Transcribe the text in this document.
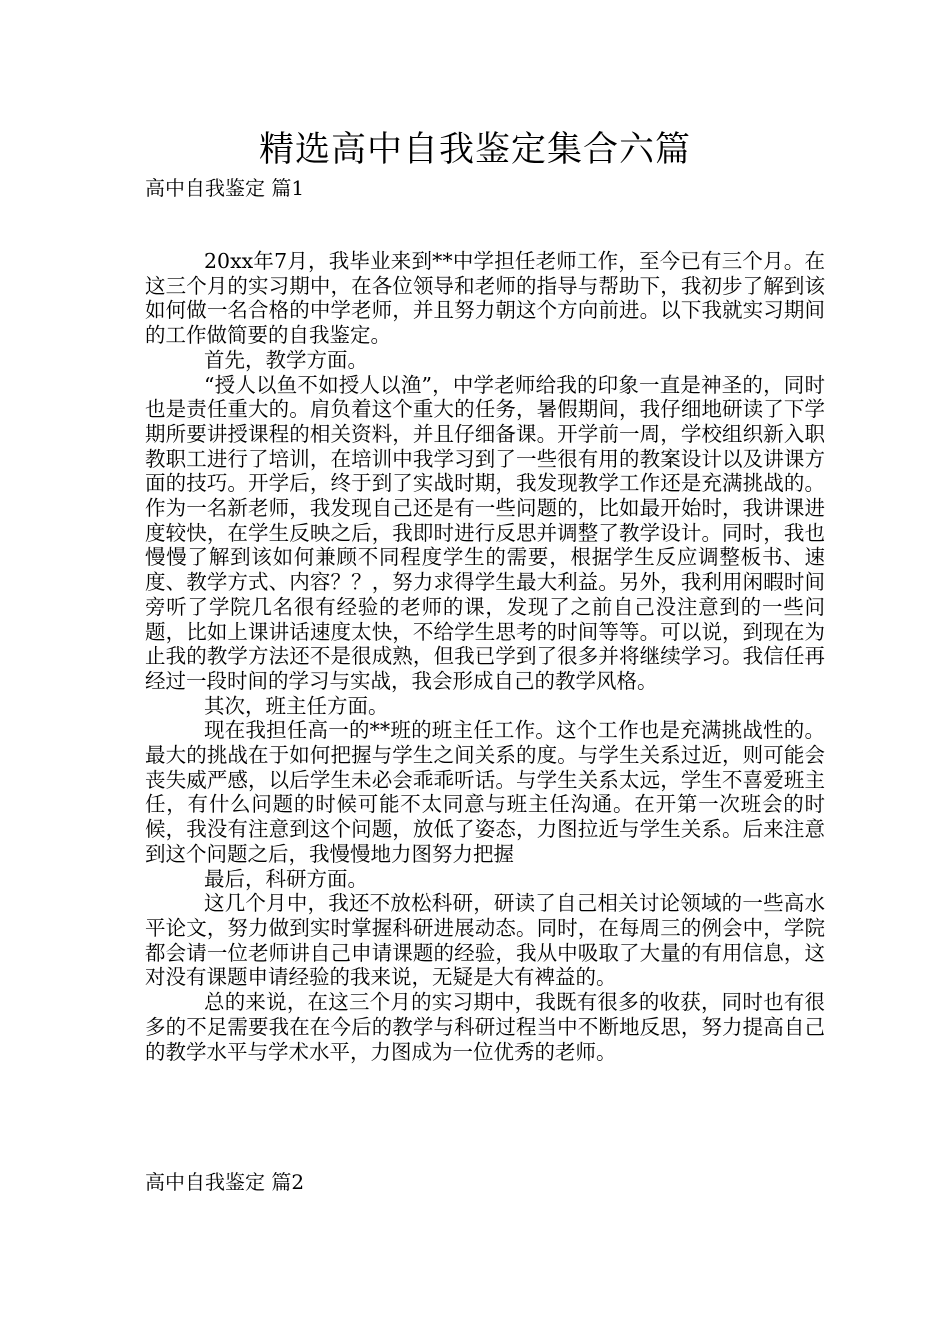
精选高中自我鉴定集合六篇
高中自我鉴定 篇1

20xx年7月，我毕业来到**中学担任老师工作，至今已有三个月。在这三个月的实习期中，在各位领导和老师的指导与帮助下，我初步了解到该如何做一名合格的中学老师，并且努力朝这个方向前进。以下我就实习期间的工作做简要的自我鉴定。

首先，教学方面。

“授人以鱼不如授人以渔”，中学老师给我的印象一直是神圣的，同时也是责任重大的。肩负着这个重大的任务，暑假期间，我仔细地研读了下学期所要讲授课程的相关资料，并且仔细备课。开学前一周，学校组织新入职教职工进行了培训，在培训中我学习到了一些很有用的教案设计以及讲课方面的技巧。开学后，终于到了实战时期，我发现教学工作还是充满挑战的。作为一名新老师，我发现自己还是有一些问题的，比如最开始时，我讲课进度较快，在学生反映之后，我即时进行反思并调整了教学设计。同时，我也慢慢了解到该如何兼顾不同程度学生的需要，根据学生反应调整板书、速度、教学方式、内容？？，努力求得学生最大利益。另外，我利用闲暇时间旁听了学院几名很有经验的老师的课，发现了之前自己没注意到的一些问题，比如上课讲话速度太快，不给学生思考的时间等等。可以说，到现在为止我的教学方法还不是很成熟，但我已学到了很多并将继续学习。我信任再经过一段时间的学习与实战，我会形成自己的教学风格。

其次，班主任方面。

现在我担任高一的**班的班主任工作。这个工作也是充满挑战性的。最大的挑战在于如何把握与学生之间关系的度。与学生关系过近，则可能会丧失威严感，以后学生未必会乖乖听话。与学生关系太远，学生不喜爱班主任，有什么问题的时候可能不太同意与班主任沟通。在开第一次班会的时候，我没有注意到这个问题，放低了姿态，力图拉近与学生关系。后来注意到这个问题之后，我慢慢地力图努力把握

最后，科研方面。

这几个月中，我还不放松科研，研读了自己相关讨论领域的一些高水平论文，努力做到实时掌握科研进展动态。同时，在每周三的例会中，学院都会请一位老师讲自己申请课题的经验，我从中吸取了大量的有用信息，这对没有课题申请经验的我来说，无疑是大有裨益的。

总的来说，在这三个月的实习期中，我既有很多的收获，同时也有很多的不足需要我在在今后的教学与科研过程当中不断地反思，努力提高自己的教学水平与学术水平，力图成为一位优秀的老师。

高中自我鉴定 篇2
